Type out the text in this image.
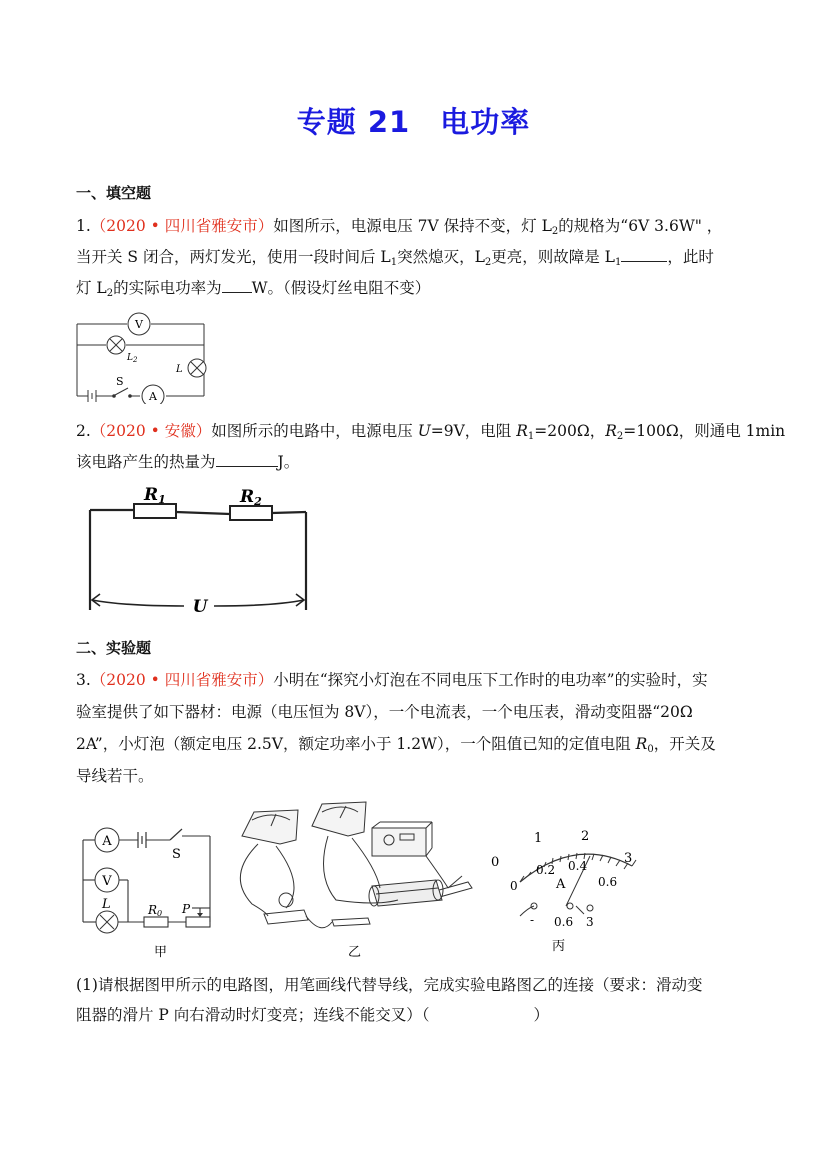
专题 21 电功率
一、填空题
1.（2020 • 四川省雅安市）如图所示，电源电压 7V 保持不变，灯 $L_2$的规格为“6V 3.6W" ，
当开关 S 闭合，两灯发光，使用一段时间后 $L_1$突然熄灭，$L_2$更亮，则故障是 $L_1$	，此时
灯 $L_2$的实际电功率为 W。（假设灯丝电阻不变）
V
$L_2$
L
S
A
2.（2020 • 安徽）如图所示的电路中，电源电压 U=9V，电阻 $R_1=200\Omega$，$R_2=100\Omega$，则通电 1min
该电路产生的热量为	J。
R1	R2
U
二、实验题
3.（2020 • 四川省雅安市）小明在“探究小灯泡在不同电压下工作时的电功率”的实验时，实
验室提供了如下器材：电源（电压恒为 8V），一个电流表，一个电压表，滑动变阻器“20Ω
2A”，小灯泡（额定电压 2.5V，额定功率小于 1.2W），一个阻值已知的定值电阻 $R_0$，开关及
导线若干。
A
V
S
L	R0 P
甲	乙
0
1	2
3
0
0.2 0.4
0.6
A
- 0.6 3
丙
(1)请根据图甲所示的电路图，用笔画线代替导线，完成实验电路图乙的连接（要求：滑动变
阻器的滑片 P 向右滑动时灯变亮；连线不能交叉）（	）
